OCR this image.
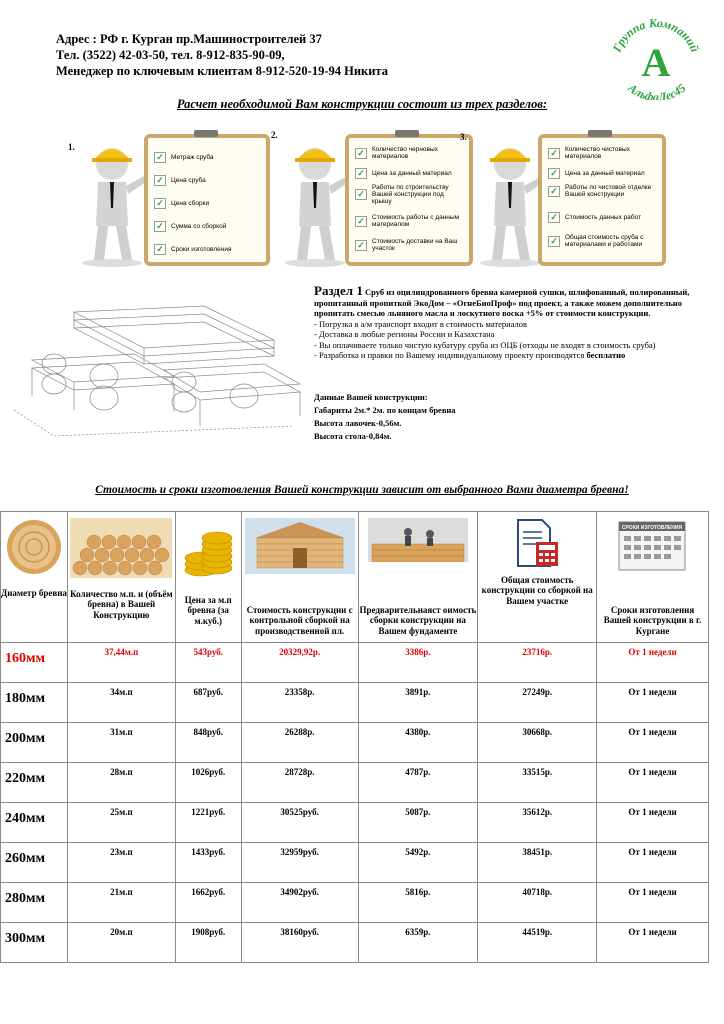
Адрес : РФ г. Курган пр.Машиностроителей 37
Тел. (3522) 42-03-50, тел. 8-912-835-90-09,
Менеджер по ключевым клиентам 8-912-520-19-94 Никита
Группа Компаний
А
АльфаЛес45
Расчет необходимой Вам конструкции состоит из трех разделов:
1.
✓	Метраж сруба
✓	Цена сруба
✓	Цена сборки
✓	Сумма со сборкой
✓	Сроки изготовления
2.
✓	Количество черновых материалов
✓	Цена за данный материал
✓
Работы по строительству Вашей конструкции под крышу
✓	Стоимость работы с данным материалом
✓	Стоимость доставки на Ваш участок
3.
✓	Количество чистовых материалов
✓	Цена за данный материал
✓	Работы по чистовой отделке Вашей конструкции
✓	Стоимость данных работ
✓	Общая стоимость сруба с материалами и работами
Раздел 1 Сруб из оцилиндрованного бревна камерной сушки, шлифованный, полированный, пропитанный пропиткой ЭкоДом – «ОгнеБиоПроф» под проект, а также можем дополнительно пропитать смесью льняного масла и лоскутного воска +5% от стоимости конструкции.
- Погрузка в а/м транспорт входит в стоимость материалов
- Доставка в любые регионы России и Казахстана
- Вы оплачиваете только чистую кубатуру сруба из ОЦБ (отходы не входят в стоимость сруба)
- Разработка и правки по Вашему индивидуальному проекту производятся бесплатно
Данные Вашей конструкции:
Габариты 2м.* 2м. по концам бревна
Высота лавочек-0,56м.
Высота стола-0,84м.
Стоимость и сроки изготовления Вашей конструкции зависит от выбранного Вами диаметра бревна!
Диаметр бревна	Количество м.п. и (объём бревна) в Вашей Конструкцию	Цена за м.п бревна (за м.куб.)	Стоимость конструкции с контрольной сборкой на производственной пл.	Предварительнаяст оимость сборки конструкции на Вашем фундаменте	Общая стоимость конструкции со сборкой на Вашем участке	СРОКИ ИЗГОТОВЛЕНИЯ
Сроки изготовления Вашей конструкции в г. Кургане

160мм	37,44м.п	543руб.	20329,92р.	3386р.	23716р.	От 1 недели
180мм	34м.п	687руб.	23358р.	3891р.	27249р.	От 1 недели
200мм	31м.п	848руб.	26288р.	4380р.	30668р.	От 1 недели
220мм	28м.п	1026руб.	28728р.	4787р.	33515р.	От 1 недели
240мм	25м.п	1221руб.	30525руб.	5087р.	35612р.	От 1 недели
260мм	23м.п	1433руб.	32959руб.	5492р.	38451р.	От 1 недели
280мм	21м.п	1662руб.	34902руб.	5816р.	40718р.	От 1 недели
300мм	20м.п	1908руб.	38160руб.	6359р.	44519р.	От 1 недели
